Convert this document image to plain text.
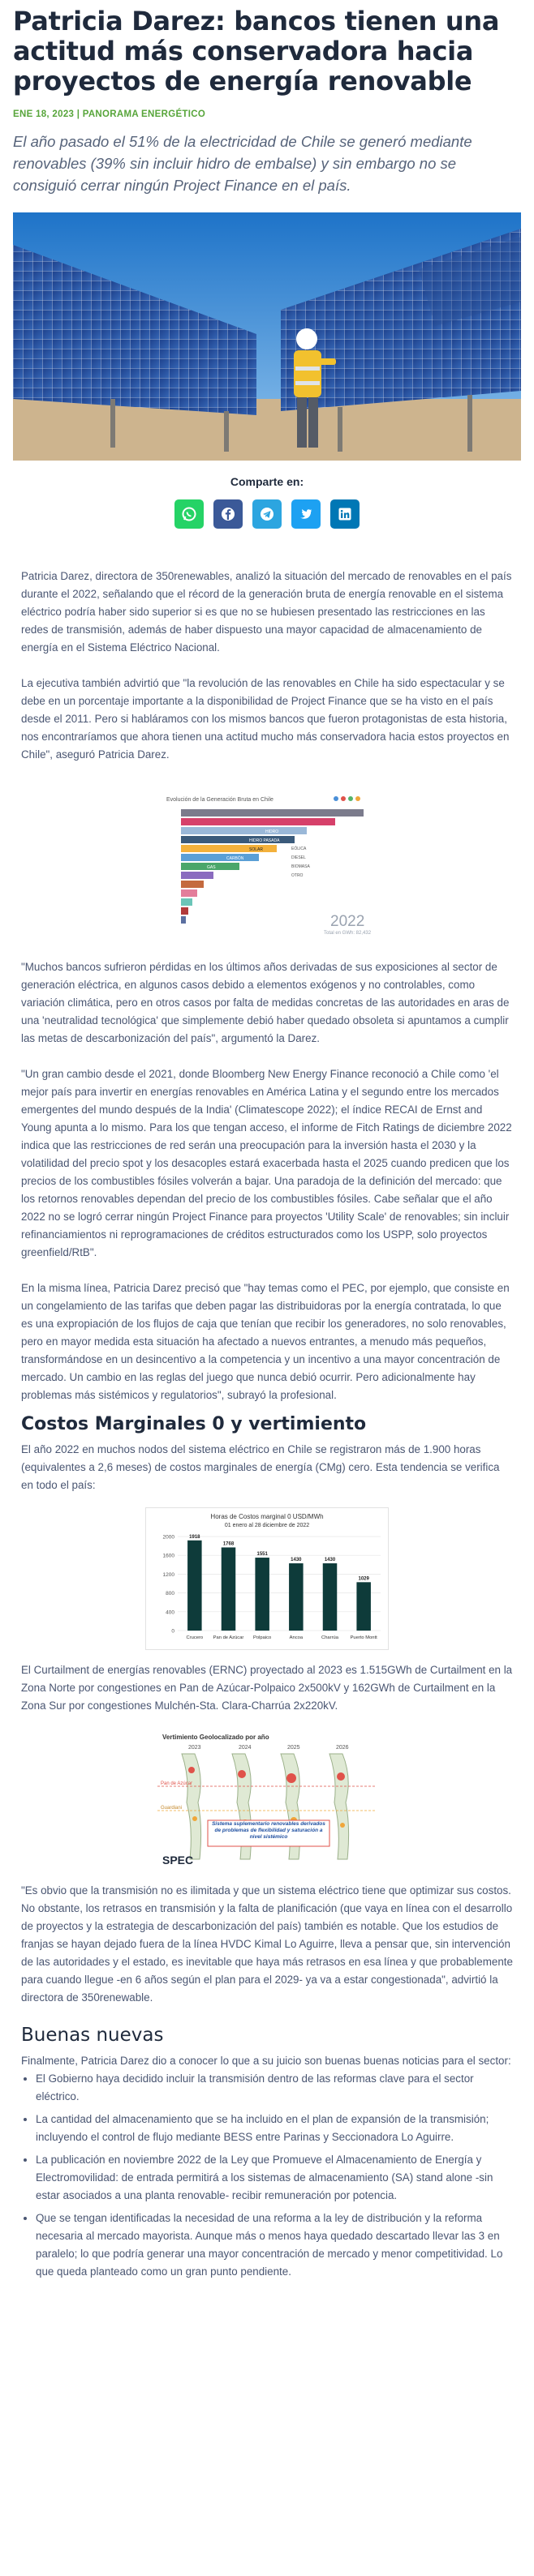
Patricia Darez: bancos tienen una actitud más conservadora hacia proyectos de energía renovable
ENE 18, 2023 | PANORAMA ENERGÉTICO
El año pasado el 51% de la electricidad de Chile se generó mediante renovables (39% sin incluir hidro de embalse) y sin embargo no se consiguió cerrar ningún Project Finance en el país.
Comparte en:

Patricia Darez, directora de 350renewables, analizó la situación del mercado de renovables en el país durante el 2022, señalando que el récord de la generación bruta de energía renovable en el sistema eléctrico podría haber sido superior si es que no se hubiesen presentado las restricciones en las redes de transmisión, además de haber dispuesto una mayor capacidad de almacenamiento de energía en el Sistema Eléctrico Nacional.

La ejecutiva también advirtió que "la revolución de las renovables en Chile ha sido espectacular y se debe en un porcentaje importante a la disponibilidad de Project Finance que se ha visto en el país desde el 2011. Pero si habláramos con los mismos bancos que fueron protagonistas de esta historia, nos encontraríamos que ahora tienen una actitud mucho más conservadora hacia estos proyectos en Chile", aseguró Patricia Darez.

Evolución de la Generación Bruta en Chile
HIDRO
HIDRO PASADA
SOLAR
CARBÓN
GAS
EÓLICA
DIESEL
BIOMASA
OTRO
2022
Total en GWh: 82,432

"Muchos bancos sufrieron pérdidas en los últimos años derivadas de sus exposiciones al sector de generación eléctrica, en algunos casos debido a elementos exógenos y no controlables, como variación climática, pero en otros casos por falta de medidas concretas de las autoridades en aras de una 'neutralidad tecnológica' que simplemente debió haber quedado obsoleta si apuntamos a cumplir las metas de descarbonización del país", argumentó la Darez.

"Un gran cambio desde el 2021, donde Bloomberg New Energy Finance reconoció a Chile como 'el mejor país para invertir en energías renovables en América Latina y el segundo entre los mercados emergentes del mundo después de la India' (Climatescope 2022); el índice RECAI de Ernst and Young apunta a lo mismo. Para los que tengan acceso, el informe de Fitch Ratings de diciembre 2022 indica que las restricciones de red serán una preocupación para la inversión hasta el 2030 y la volatilidad del precio spot y los desacoples estará exacerbada hasta el 2025 cuando predicen que los precios de los combustibles fósiles volverán a bajar. Una paradoja de la definición del mercado: que los retornos renovables dependan del precio de los combustibles fósiles. Cabe señalar que el año 2022 no se logró cerrar ningún Project Finance para proyectos 'Utility Scale' de renovables; sin incluir refinanciamientos ni reprogramaciones de créditos estructurados como los USPP, solo proyectos greenfield/RtB".

En la misma línea, Patricia Darez precisó que "hay temas como el PEC, por ejemplo, que consiste en un congelamiento de las tarifas que deben pagar las distribuidoras por la energía contratada, lo que es una expropiación de los flujos de caja que tenían que recibir los generadores, no solo renovables, pero en mayor medida esta situación ha afectado a nuevos entrantes, a menudo más pequeños, transformándose en un desincentivo a la competencia y un incentivo a una mayor concentración de mercado. Un cambio en las reglas del juego que nunca debió ocurrir. Pero adicionalmente hay problemas más sistémicos y regulatorios", subrayó la profesional.

Costos Marginales 0 y vertimiento

El año 2022 en muchos nodos del sistema eléctrico en Chile se registraron más de 1.900 horas (equivalentes a 2,6 meses) de costos marginales de energía (CMg) cero. Esta tendencia se verifica en todo el país:

Horas de Costos marginal 0 USD/MWh
01 enero al 28 diciembre de 2022
0
400
800
1200
1600
2000	1918
Crucero
1768
Pan de Azúcar
1551
Polpaico
1430
Ancoa
1430
Charrúa
1029
Puerto Montt

El Curtailment de energías renovables (ERNC) proyectado al 2023 es 1.515GWh de Curtailment en la Zona Norte por congestiones en Pan de Azúcar-Polpaico 2x500kV y 162GWh de Curtailment en la Zona Sur por congestiones Mulchén-Sta. Clara-Charrúa 2x220kV.

Vertimiento Geolocalizado por año
2023	2024	2025	2026
Pan de Azúcar
Guardiani
Sistema suplementario renovables derivados de problemas de flexibilidad y saturación a nivel sistémico
SPEC

"Es obvio que la transmisión no es ilimitada y que un sistema eléctrico tiene que optimizar sus costos. No obstante, los retrasos en transmisión y la falta de planificación (que vaya en línea con el desarrollo de proyectos y la estrategia de descarbonización del país) también es notable. Que los estudios de franjas se hayan dejado fuera de la línea HVDC Kimal Lo Aguirre, lleva a pensar que, sin intervención de las autoridades y el estado, es inevitable que haya más retrasos en esa línea y que probablemente para cuando llegue -en 6 años según el plan para el 2029- ya va a estar congestionada", advirtió la directora de 350renewable.

Buenas nuevas

Finalmente, Patricia Darez dio a conocer lo que a su juicio son buenas buenas noticias para el sector:

• El Gobierno haya decidido incluir la transmisión dentro de las reformas clave para el sector eléctrico.
• La cantidad del almacenamiento que se ha incluido en el plan de expansión de la transmisión; incluyendo el control de flujo mediante BESS entre Parinas y Seccionadora Lo Aguirre.
• La publicación en noviembre 2022 de la Ley que Promueve el Almacenamiento de Energía y Electromovilidad: de entrada permitirá a los sistemas de almacenamiento (SA) stand alone -sin estar asociados a una planta renovable- recibir remuneración por potencia.
• Que se tengan identificadas la necesidad de una reforma a la ley de distribución y la reforma necesaria al mercado mayorista. Aunque más o menos haya quedado descartado llevar las 3 en paralelo; lo que podría generar una mayor concentración de mercado y menor competitividad. Lo que queda planteado como un gran punto pendiente.
